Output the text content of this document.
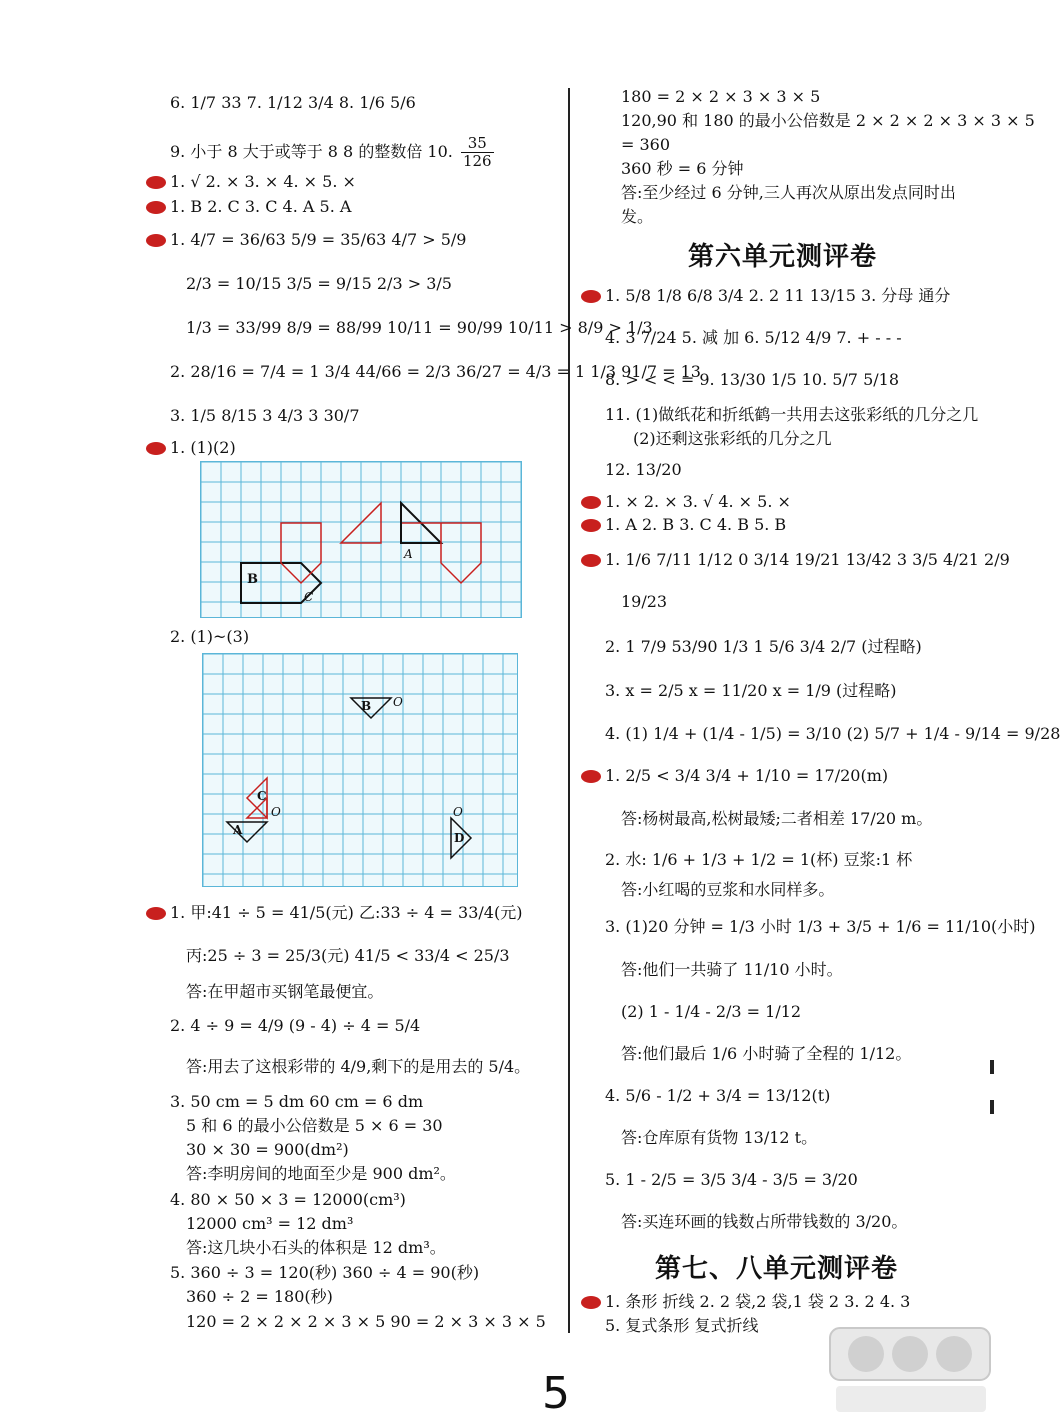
6. 1/7 33 7. 1/12 3/4 8. 1/6 5/6
9. 小于 8 大于或等于 8 8 的整数倍 10. $\frac{35}{126}$
1. √ 2. × 3. × 4. × 5. ×
1. B 2. C 3. C 4. A 5. A
1. 4/7 = 36/63 5/9 = 35/63 4/7 > 5/9
2/3 = 10/15 3/5 = 9/15 2/3 > 3/5
1/3 = 33/99 8/9 = 88/99 10/11 = 90/99 10/11 > 8/9 > 1/3
2. 28/16 = 7/4 = 1 3/4 44/66 = 2/3 36/27 = 4/3 = 1 1/3 91/7 = 13
3. 1/5 8/15 3 4/3 3 30/7
1. (1)(2)
B
C
A
2. (1)~(3)
B O
C
O
A
O
D
1. 甲:41 ÷ 5 = 41/5(元) 乙:33 ÷ 4 = 33/4(元)
丙:25 ÷ 3 = 25/3(元) 41/5 < 33/4 < 25/3
答:在甲超市买钢笔最便宜。
2. 4 ÷ 9 = 4/9 (9 - 4) ÷ 4 = 5/4
答:用去了这根彩带的 4/9,剩下的是用去的 5/4。
3. 50 cm = 5 dm 60 cm = 6 dm
5 和 6 的最小公倍数是 5 × 6 = 30
30 × 30 = 900(dm²)
答:李明房间的地面至少是 900 dm²。
4. 80 × 50 × 3 = 12000(cm³)
12000 cm³ = 12 dm³
答:这几块小石头的体积是 12 dm³。
5. 360 ÷ 3 = 120(秒) 360 ÷ 4 = 90(秒)
360 ÷ 2 = 180(秒)
120 = 2 × 2 × 2 × 3 × 5 90 = 2 × 3 × 3 × 5
180 = 2 × 2 × 3 × 3 × 5
120,90 和 180 的最小公倍数是 2 × 2 × 2 × 3 × 3 × 5
= 360
360 秒 = 6 分钟
答:至少经过 6 分钟,三人再次从原出发点同时出
发。
第六单元测评卷
1. 5/8 1/8 6/8 3/4 2. 2 11 13/15 3. 分母 通分
4. 3 7/24 5. 减 加 6. 5/12 4/9 7. + - - -
8. > < < = 9. 13/30 1/5 10. 5/7 5/18
11. (1)做纸花和折纸鹤一共用去这张彩纸的几分之几
(2)还剩这张彩纸的几分之几
12. 13/20
1. × 2. × 3. √ 4. × 5. ×
1. A 2. B 3. C 4. B 5. B
1. 1/6 7/11 1/12 0 3/14 19/21 13/42 3 3/5 4/21 2/9
19/23
2. 1 7/9 53/90 1/3 1 5/6 3/4 2/7 (过程略)
3. x = 2/5 x = 11/20 x = 1/9 (过程略)
4. (1) 1/4 + (1/4 - 1/5) = 3/10 (2) 5/7 + 1/4 - 9/14 = 9/28
1. 2/5 < 3/4 3/4 + 1/10 = 17/20(m)
答:杨树最高,松树最矮;二者相差 17/20 m。
2. 水: 1/6 + 1/3 + 1/2 = 1(杯) 豆浆:1 杯
答:小红喝的豆浆和水同样多。
3. (1)20 分钟 = 1/3 小时 1/3 + 3/5 + 1/6 = 11/10(小时)
答:他们一共骑了 11/10 小时。
(2) 1 - 1/4 - 2/3 = 1/12
答:他们最后 1/6 小时骑了全程的 1/12。
4. 5/6 - 1/2 + 3/4 = 13/12(t)
答:仓库原有货物 13/12 t。
5. 1 - 2/5 = 3/5 3/4 - 3/5 = 3/20
答:买连环画的钱数占所带钱数的 3/20。
第七、八单元测评卷
1. 条形 折线 2. 2 袋,2 袋,1 袋 2 3. 2 4. 3
5. 复式条形 复式折线
5
